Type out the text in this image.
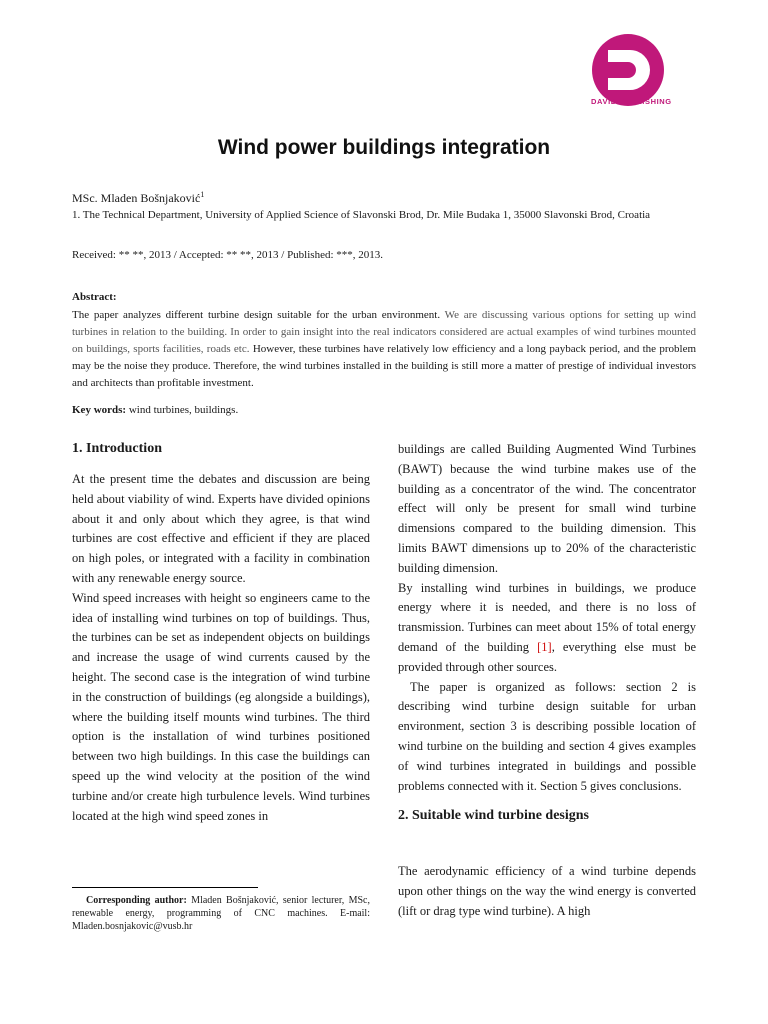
DAVID PUBLISHING
Wind power buildings integration
MSc. Mladen Bošnjaković$^1$
1. The Technical Department, University of Applied Science of Slavonski Brod, Dr. Mile Budaka 1, 35000 Slavonski Brod, Croatia
Received: ** **, 2013 / Accepted: ** **, 2013 / Published: ***, 2013.
Abstract:
The paper analyzes different turbine design suitable for the urban environment. We are discussing various options for setting up wind turbines in relation to the building. In order to gain insight into the real indicators considered are actual examples of wind turbines mounted on buildings, sports facilities, roads etc. However, these turbines have relatively low efficiency and a long payback period, and the problem may be the noise they produce. Therefore, the wind turbines installed in the building is still more a matter of prestige of individual investors and architects than profitable investment.
Key words: wind turbines, buildings.
1. Introduction

At the present time the debates and discussion are being held about viability of wind. Experts have divided opinions about it and only about which they agree, is that wind turbines are cost effective and efficient if they are placed on high poles, or integrated with a facility in combination with any renewable energy source.

Wind speed increases with height so engineers came to the idea of installing wind turbines on top of buildings. Thus, the turbines can be set as independent objects on buildings and increase the usage of wind currents caused by the height. The second case is the integration of wind turbine in the construction of buildings (eg alongside a buildings), where the building itself mounts wind turbines. The third option is the installation of wind turbines positioned between two high buildings. In this case the buildings can speed up the wind velocity at the position of the wind turbine and/or create high turbulence levels. Wind turbines located at the high wind speed zones in

buildings are called Building Augmented Wind Turbines (BAWT) because the wind turbine makes use of the building as a concentrator of the wind. The concentrator effect will only be present for small wind turbine dimensions compared to the building dimension. This limits BAWT dimensions up to 20% of the characteristic building dimension.

By installing wind turbines in buildings, we produce energy where it is needed, and there is no loss of transmission. Turbines can meet about 15% of total energy demand of the building [1], everything else must be provided through other sources.

The paper is organized as follows: section 2 is describing wind turbine design suitable for urban environment, section 3 is describing possible location of wind turbine on the building and section 4 gives examples of wind turbines integrated in buildings and possible problems connected with it. Section 5 gives conclusions.

2. Suitable wind turbine designs

The aerodynamic efficiency of a wind turbine depends upon other things on the way the wind energy is converted (lift or drag type wind turbine). A high

Corresponding author: Mladen Bošnjaković, senior lecturer, MSc, renewable energy, programming of CNC machines. E-mail: Mladen.bosnjakovic@vusb.hr
